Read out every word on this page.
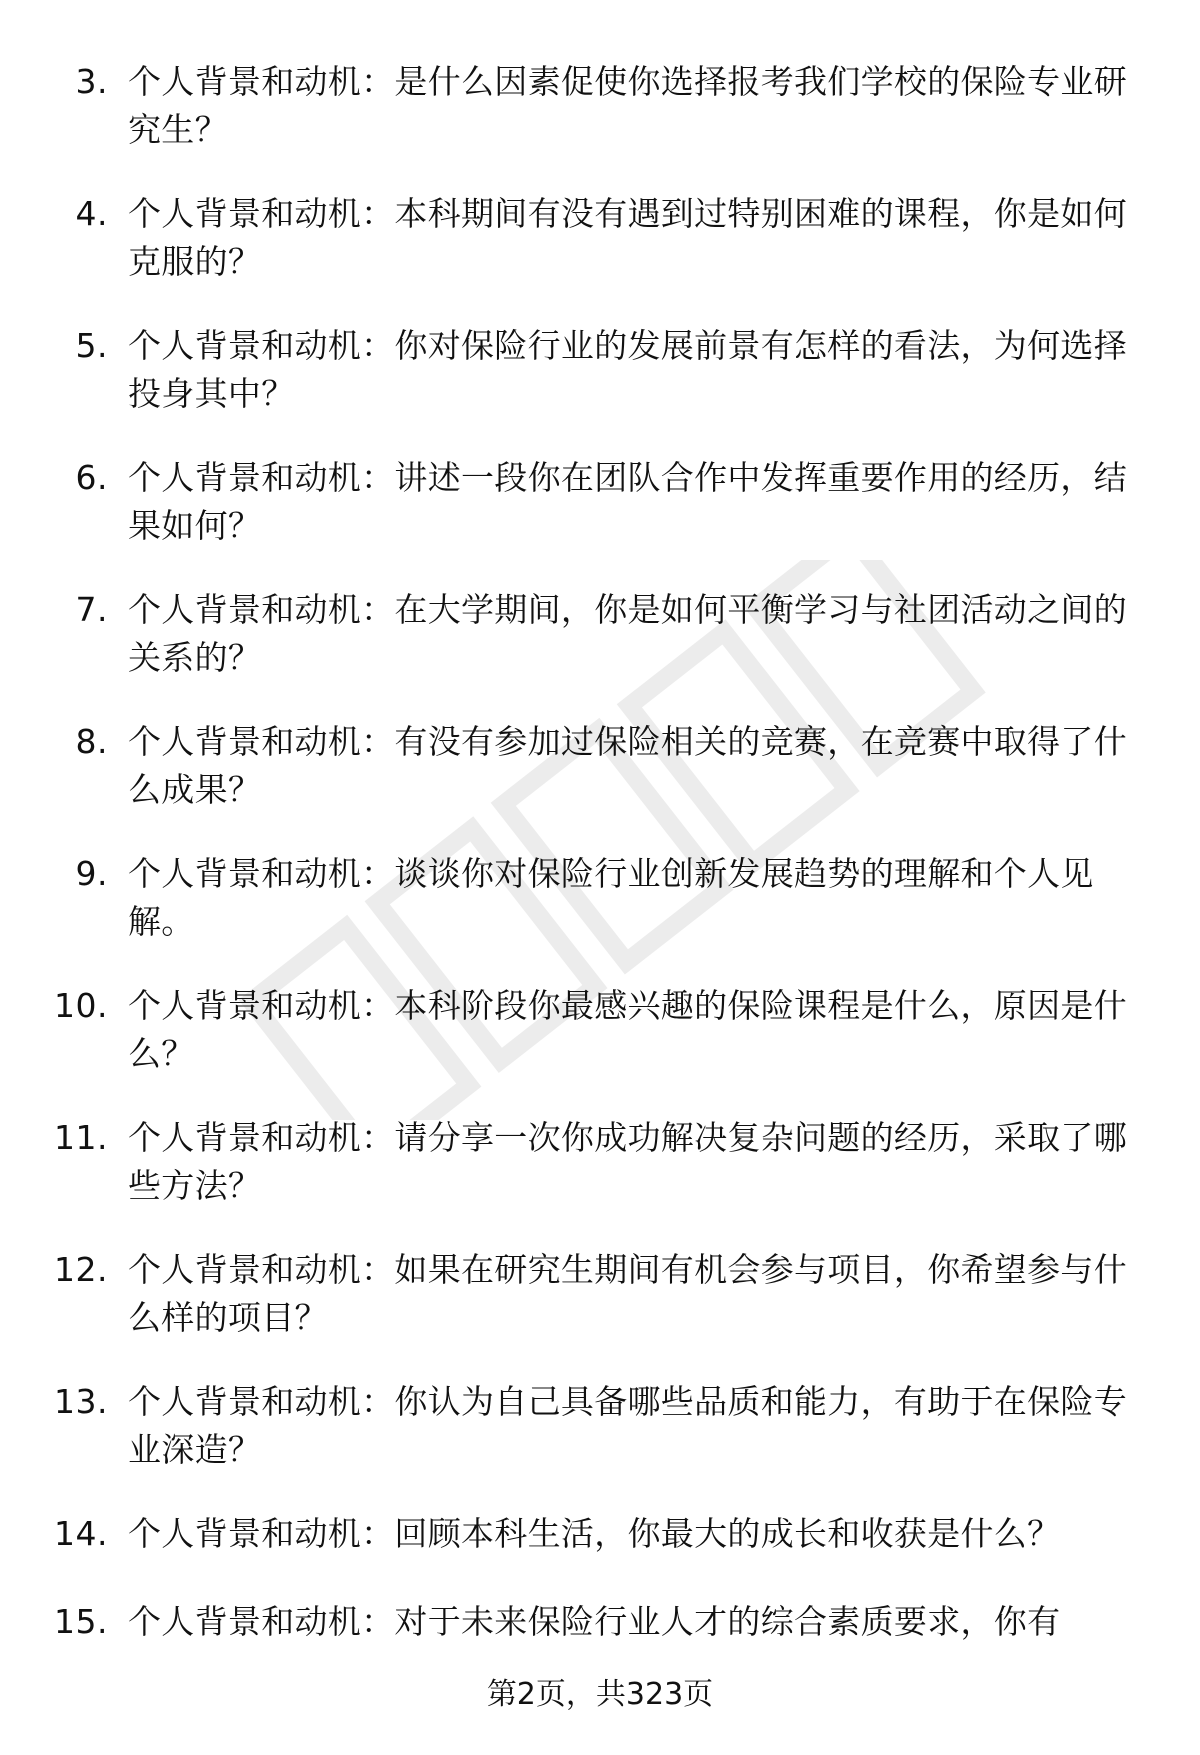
3. 个人背景和动机：是什么因素促使你选择报考我们学校的保险专业研究生？
4. 个人背景和动机：本科期间有没有遇到过特别困难的课程，你是如何克服的？
5. 个人背景和动机：你对保险行业的发展前景有怎样的看法，为何选择投身其中？
6. 个人背景和动机：讲述一段你在团队合作中发挥重要作用的经历，结果如何？
7. 个人背景和动机：在大学期间，你是如何平衡学习与社团活动之间的关系的？
8. 个人背景和动机：有没有参加过保险相关的竞赛，在竞赛中取得了什么成果？
9. 个人背景和动机：谈谈你对保险行业创新发展趋势的理解和个人见解。
10. 个人背景和动机：本科阶段你最感兴趣的保险课程是什么，原因是什么？
11. 个人背景和动机：请分享一次你成功解决复杂问题的经历，采取了哪些方法？
12. 个人背景和动机：如果在研究生期间有机会参与项目，你希望参与什么样的项目？
13. 个人背景和动机：你认为自己具备哪些品质和能力，有助于在保险专业深造？
14. 个人背景和动机：回顾本科生活，你最大的成长和收获是什么？
15. 个人背景和动机：对于未来保险行业人才的综合素质要求，你有
第2页，共323页
